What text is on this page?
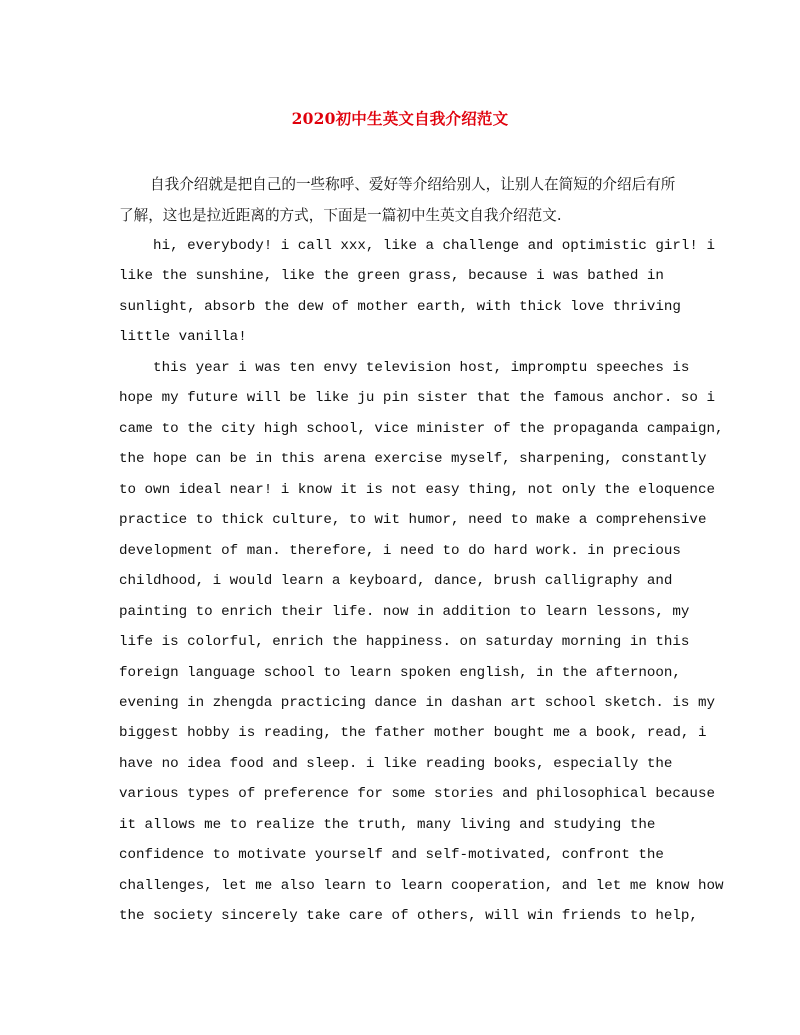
2020初中生英文自我介绍范文

自我介绍就是把自己的一些称呼、爱好等介绍给别人，让别人在简短的介绍后有所了解，这也是拉近距离的方式，下面是一篇初中生英文自我介绍范文.

hi, everybody! i call xxx, like a challenge and optimistic girl! i
like the sunshine, like the green grass, because i was bathed in
sunlight, absorb the dew of mother earth, with thick love thriving
little vanilla!
this year i was ten envy television host, impromptu speeches is
hope my future will be like ju pin sister that the famous anchor. so i
came to the city high school, vice minister of the propaganda campaign,
the hope can be in this arena exercise myself, sharpening, constantly
to own ideal near! i know it is not easy thing, not only the eloquence
practice to thick culture, to wit humor, need to make a comprehensive
development of man. therefore, i need to do hard work. in precious
childhood, i would learn a keyboard, dance, brush calligraphy and
painting to enrich their life. now in addition to learn lessons, my
life is colorful, enrich the happiness. on saturday morning in this
foreign language school to learn spoken english, in the afternoon,
evening in zhengda practicing dance in dashan art school sketch. is my
biggest hobby is reading, the father mother bought me a book, read, i
have no idea food and sleep. i like reading books, especially the
various types of preference for some stories and philosophical because
it allows me to realize the truth, many living and studying the
confidence to motivate yourself and self-motivated, confront the
challenges, let me also learn to learn cooperation, and let me know how
the society sincerely take care of others, will win friends to help,
